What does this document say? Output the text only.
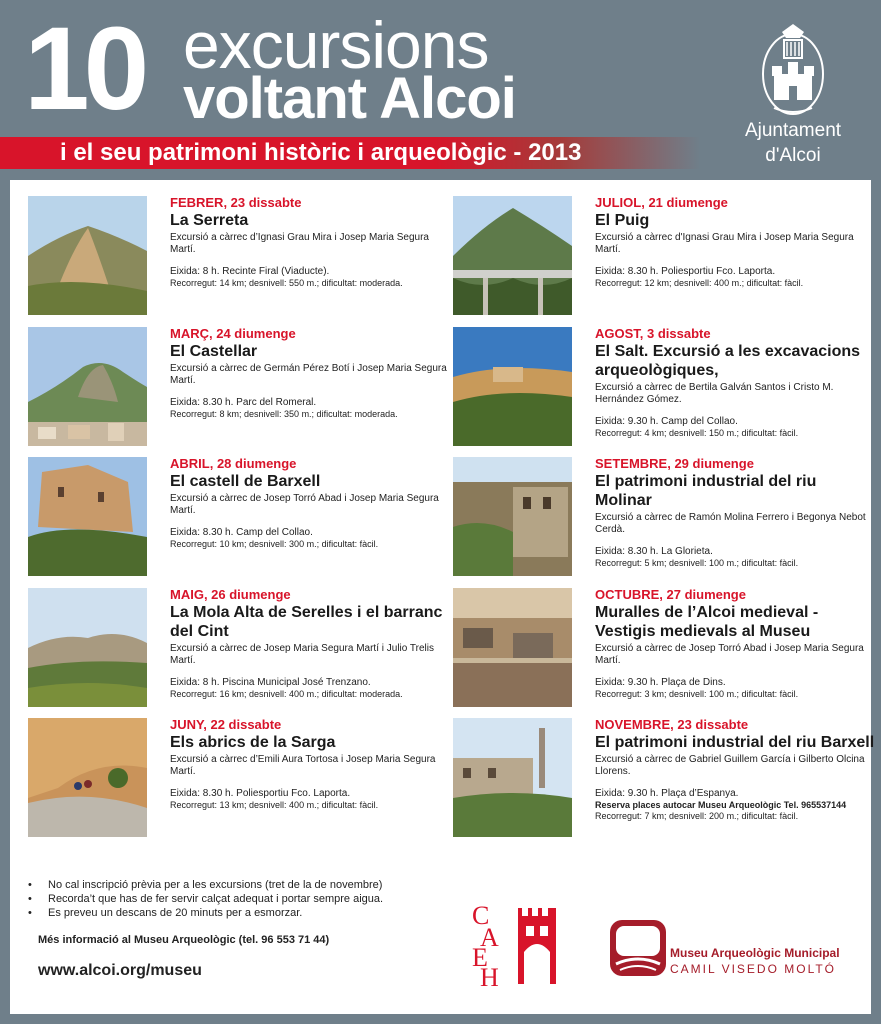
10 excursions
voltant Alcoi
i el seu patrimoni històric i arqueològic - 2013
Ajuntament
d'Alcoi
FEBRER, 23 dissabte
La Serreta
Excursió a càrrec d’Ignasi Grau Mira i Josep Maria Segura Martí.
Eixida: 8 h. Recinte Firal (Viaducte).
Recorregut: 14 km; desnivell: 550 m.; dificultat: moderada.
MARÇ, 24 diumenge
El Castellar
Excursió a càrrec de Germán Pérez Botí i Josep Maria Segura Martí.
Eixida: 8.30 h. Parc del Romeral.
Recorregut: 8 km; desnivell: 350 m.; dificultat: moderada.
ABRIL, 28 diumenge
El castell de Barxell
Excursió a càrrec de Josep Torró Abad i Josep Maria Segura Martí.
Eixida: 8.30 h. Camp del Collao.
Recorregut: 10 km; desnivell: 300 m.; dificultat: fàcil.
MAIG, 26 diumenge
La Mola Alta de Serelles i el barranc del Cint
Excursió a càrrec de Josep Maria Segura Martí i Julio Trelis Martí.
Eixida: 8 h. Piscina Municipal José Trenzano.
Recorregut: 16 km; desnivell: 400 m.; dificultat: moderada.
JUNY, 22 dissabte
Els abrics de la Sarga
Excursió a càrrec d’Emili Aura Tortosa i Josep Maria Segura Martí.
Eixida: 8.30 h. Poliesportiu Fco. Laporta.
Recorregut: 13 km; desnivell: 400 m.; dificultat: fàcil.
JULIOL, 21 diumenge
El Puig
Excursió a càrrec d'Ignasi Grau Mira i Josep Maria Segura Martí.
Eixida: 8.30 h. Poliesportiu Fco. Laporta.
Recorregut: 12 km; desnivell: 400 m.; dificultat: fàcil.
AGOST, 3 dissabte
El Salt. Excursió a les excavacions arqueològiques,
Excursió a càrrec de Bertila Galván Santos i Cristo M. Hernández Gómez.
Eixida: 9.30 h. Camp del Collao.
Recorregut: 4 km; desnivell: 150 m.; dificultat: fàcil.
SETEMBRE, 29 diumenge
El patrimoni industrial del riu Molinar
Excursió a càrrec de Ramón Molina Ferrero i Begonya Nebot Cerdà.
Eixida: 8.30 h. La Glorieta.
Recorregut: 5 km; desnivell: 100 m.; dificultat: fàcil.
OCTUBRE, 27 diumenge
Muralles de l’Alcoi medieval - Vestigis medievals al Museu
Excursió a càrrec de Josep Torró Abad i Josep Maria Segura Martí.
Eixida: 9.30 h. Plaça de Dins.
Recorregut: 3 km; desnivell: 100 m.; dificultat: fàcil.
NOVEMBRE, 23 dissabte
El patrimoni industrial del riu Barxell
Excursió a càrrec de Gabriel Guillem García i Gilberto Olcina Llorens.
Eixida: 9.30 h. Plaça d’Espanya.
Reserva places autocar Museu Arqueològic Tel. 965537144
Recorregut: 7 km; desnivell: 200 m.; dificultat: fàcil.
• No cal inscripció prèvia per a les excursions (tret de la de novembre)
• Recorda’t que has de fer servir calçat adequat i portar sempre aigua.
• Es preveu un descans de 20 minuts per a esmorzar.
Més informació al Museu Arqueològic (tel. 96 553 71 44)
www.alcoi.org/museu
C
A
E
H
Museu Arqueològic Municipal
CAMIL VISEDO MOLTÓ
